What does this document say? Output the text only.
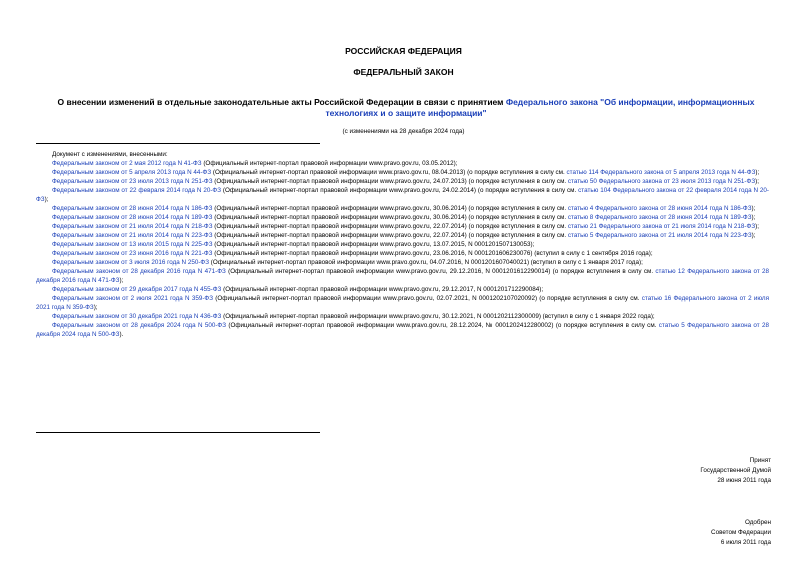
РОССИЙСКАЯ ФЕДЕРАЦИЯ
ФЕДЕРАЛЬНЫЙ ЗАКОН
О внесении изменений в отдельные законодательные акты Российской Федерации в связи с принятием Федерального закона "Об информации, информационных технологиях и о защите информации"
(с изменениями на 28 декабря 2024 года)
Документ с изменениями, внесенными:
Федеральным законом от 2 мая 2012 года N 41-ФЗ (Официальный интернет-портал правовой информации www.pravo.gov.ru, 03.05.2012);
Федеральным законом от 5 апреля 2013 года N 44-ФЗ (Официальный интернет-портал правовой информации www.pravo.gov.ru, 08.04.2013) (о порядке вступления в силу см. статью 114 Федерального закона от 5 апреля 2013 года N 44-ФЗ);
Федеральным законом от 23 июля 2013 года N 251-ФЗ (Официальный интернет-портал правовой информации www.pravo.gov.ru, 24.07.2013) (о порядке вступления в силу см. статью 50 Федерального закона от 23 июля 2013 года N 251-ФЗ);
Федеральным законом от 22 февраля 2014 года N 20-ФЗ (Официальный интернет-портал правовой информации www.pravo.gov.ru, 24.02.2014) (о порядке вступления в силу см. статью 104 Федерального закона от 22 февраля 2014 года N 20-ФЗ);
Федеральным законом от 28 июня 2014 года N 186-ФЗ (Официальный интернет-портал правовой информации www.pravo.gov.ru, 30.06.2014) (о порядке вступления в силу см. статью 4 Федерального закона от 28 июня 2014 года N 186-ФЗ);
Федеральным законом от 28 июня 2014 года N 189-ФЗ (Официальный интернет-портал правовой информации www.pravo.gov.ru, 30.06.2014) (о порядке вступления в силу см. статью 8 Федерального закона от 28 июня 2014 года N 189-ФЗ);
Федеральным законом от 21 июля 2014 года N 218-ФЗ (Официальный интернет-портал правовой информации www.pravo.gov.ru, 22.07.2014) (о порядке вступления в силу см. статью 21 Федерального закона от 21 июля 2014 года N 218-ФЗ);
Федеральным законом от 21 июля 2014 года N 223-ФЗ (Официальный интернет-портал правовой информации www.pravo.gov.ru, 22.07.2014) (о порядке вступления в силу см. статью 5 Федерального закона от 21 июля 2014 года N 223-ФЗ);
Федеральным законом от 13 июля 2015 года N 225-ФЗ (Официальный интернет-портал правовой информации www.pravo.gov.ru, 13.07.2015, N 0001201507130053);
Федеральным законом от 23 июня 2016 года N 221-ФЗ (Официальный интернет-портал правовой информации www.pravo.gov.ru, 23.06.2016, N 0001201606230076) (вступил в силу с 1 сентября 2016 года);
Федеральным законом от 3 июля 2016 года N 250-ФЗ (Официальный интернет-портал правовой информации www.pravo.gov.ru, 04.07.2016, N 0001201607040021) (вступил в силу с 1 января 2017 года);
Федеральным законом от 28 декабря 2016 года N 471-ФЗ (Официальный интернет-портал правовой информации www.pravo.gov.ru, 29.12.2016, N 0001201612290014) (о порядке вступления в силу см. статью 12 Федерального закона от 28 декабря 2016 года N 471-ФЗ);
Федеральным законом от 29 декабря 2017 года N 455-ФЗ (Официальный интернет-портал правовой информации www.pravo.gov.ru, 29.12.2017, N 0001201712290084);
Федеральным законом от 2 июля 2021 года N 359-ФЗ (Официальный интернет-портал правовой информации www.pravo.gov.ru, 02.07.2021, N 0001202107020092) (о порядке вступления в силу см. статью 16 Федерального закона от 2 июля 2021 года N 359-ФЗ);
Федеральным законом от 30 декабря 2021 года N 436-ФЗ (Официальный интернет-портал правовой информации www.pravo.gov.ru, 30.12.2021, N 0001202112300009) (вступил в силу с 1 января 2022 года);
Федеральным законом от 28 декабря 2024 года N 500-ФЗ (Официальный интернет-портал правовой информации www.pravo.gov.ru, 28.12.2024, № 0001202412280002) (о порядке вступления в силу см. статью 5 Федерального закона от 28 декабря 2024 года N 500-ФЗ).
Принят
Государственной Думой
28 июня 2011 года
Одобрен
Советом Федерации
6 июля 2011 года
